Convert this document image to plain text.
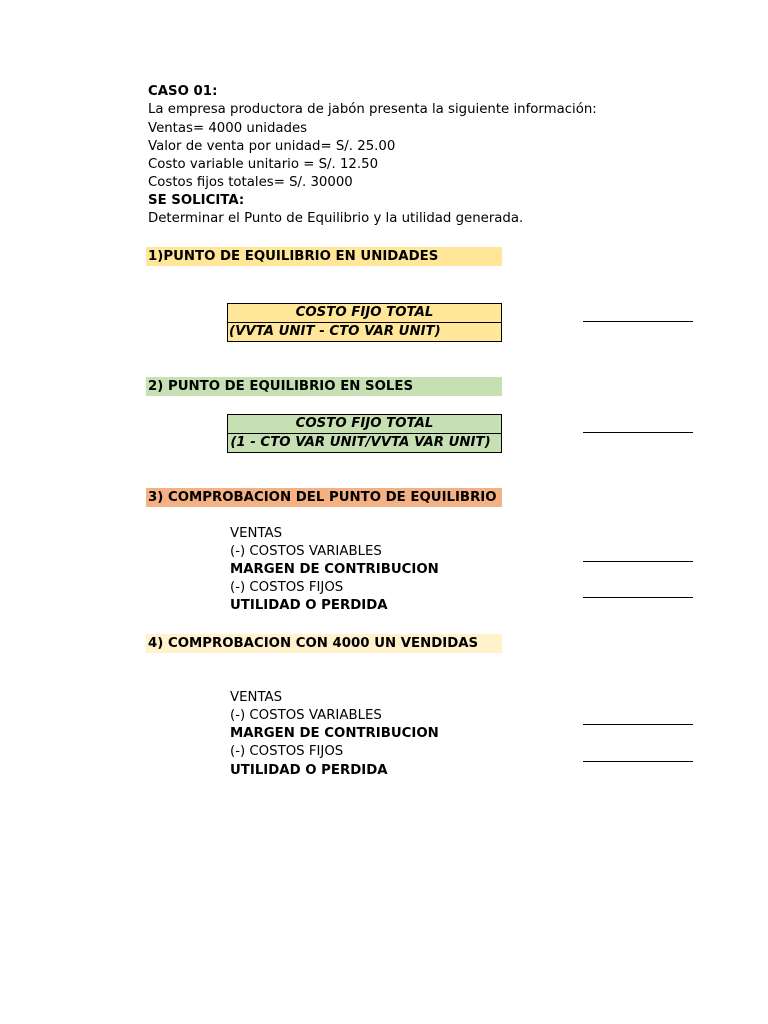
CASO 01:
La empresa productora de jabón presenta la siguiente información:
Ventas= 4000 unidades
Valor de venta por unidad= S/. 25.00
Costo variable unitario = S/. 12.50
Costos fijos totales= S/. 30000
SE SOLICITA:
Determinar el Punto de Equilibrio y la utilidad generada.
1)PUNTO DE EQUILIBRIO EN UNIDADES
COSTO FIJO TOTAL
(VVTA UNIT - CTO VAR UNIT)
2) PUNTO DE EQUILIBRIO EN SOLES
COSTO FIJO TOTAL
(1 - CTO VAR UNIT/VVTA VAR UNIT)
3) COMPROBACION DEL PUNTO DE EQUILIBRIO
VENTAS
(-) COSTOS VARIABLES
MARGEN DE CONTRIBUCION
(-) COSTOS FIJOS
UTILIDAD O PERDIDA
4) COMPROBACION CON 4000 UN VENDIDAS
VENTAS
(-) COSTOS VARIABLES
MARGEN DE CONTRIBUCION
(-) COSTOS FIJOS
UTILIDAD O PERDIDA
